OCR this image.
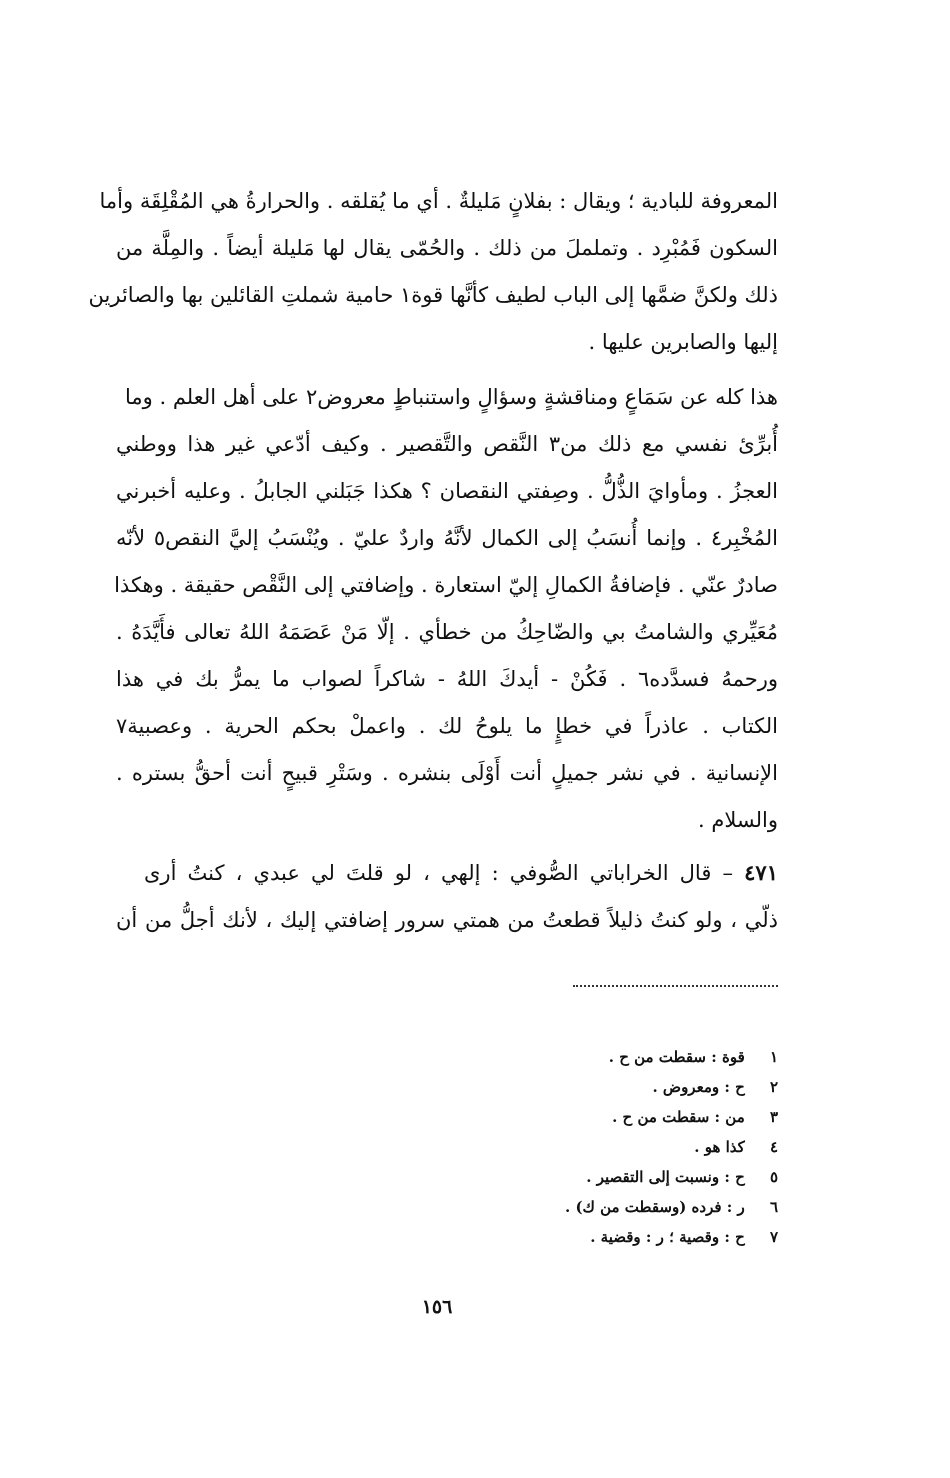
المعروفة للبادية ؛ ويقال : بفلانٍ مَليلةٌ . أي ما يُقلقه . والحرارةُ هي المُقْلِقَة وأما
السكون فَمُبْرِد . وتململَ من ذلك . والحُمّى يقال لها مَليلة أيضاً . والمِلَّة من
ذلك ولكنَّ ضمَّها إلى الباب لطيف كأنَّها قوة١ حامية شملتِ القائلين بها والصائرين
إليها والصابرين عليها .
هذا كله عن سَمَاعٍ ومناقشةٍ وسؤالٍ واستنباطٍ معروض٢ على أهل العلم . وما
أُبرِّئ نفسي مع ذلك من٣ النَّقص والتَّقصير . وكيف أدّعي غير هذا ووطني
العجزُ . ومأوايَ الذُّلُّ . وصِفتي النقصان ؟ هكذا جَبَلني الجابلُ . وعليه أخبرني
المُخْبِر٤ . وإنما أُنسَبُ إلى الكمال لأنَّهُ واردٌ عليّ . ويُنْسَبُ إليَّ النقص٥ لأنّه
صادرٌ عنّي . فإضافةُ الكمالِ إليّ استعارة . وإضافتي إلى النَّقْص حقيقة . وهكذا
مُعَيِّري والشامتُ بي والضّاحِكُ من خطأي . إلّا مَنْ عَصَمَهُ اللهُ تعالى فأَيَّدَهُ .
ورحمهُ فسدَّده٦ . فَكُنْ - أيدكَ اللهُ - شاكراً لصواب ما يمرُّ بك في هذا
الكتاب . عاذراً في خطإٍ ما يلوحُ لك . واعملْ بحكم الحرية . وعصبية٧
الإنسانية . في نشر جميلٍ أنت أَوْلَى بنشره . وسَتْرِ قبيحٍ أنت أحقُّ بستره .
والسلام .
٤٧١ – قال الخراباتي الصُّوفي : إلهي ، لو قلتَ لي عبدي ، كنتُ أرى
ذلّي ، ولو كنتُ ذليلاً قطعتُ من همتي سرور إضافتي إليك ، لأنك أجلُّ من أن
١ قوة : سقطت من ح .
٢ ح : ومعروض .
٣ من : سقطت من ح .
٤ كذا هو .
٥ ح : ونسبت إلى التقصير .
٦ ر : فرده (وسقطت من ك) .
٧ ح : وقصية ؛ ر : وقضية .
١٥٦
